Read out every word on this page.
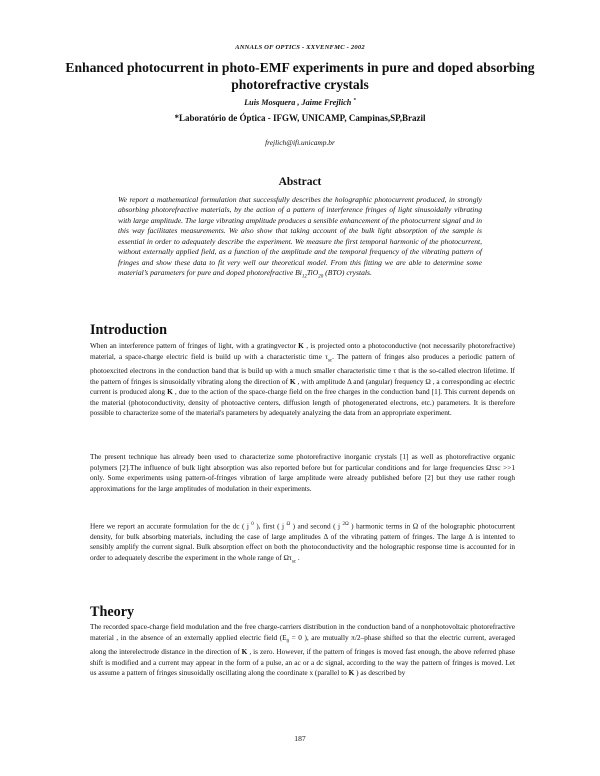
ANNALS OF OPTICS - XXVENFMC - 2002
Enhanced photocurrent in photo-EMF experiments in pure and doped absorbing photorefractive crystals
Luis Mosquera , Jaime Frejlich *
*Laboratório de Óptica - IFGW, UNICAMP, Campinas,SP,Brazil
frejlich@ifi.unicamp.br
Abstract
We report a mathematical formulation that successfully describes the holographic photocurrent produced, in strongly absorbing photorefractive materials, by the action of a pattern of interference fringes of light sinusoidally vibrating with large amplitude. The large vibrating amplitude produces a sensible enhancement of the photocurrent signal and in this way facilitates measurements. We also show that taking account of the bulk light absorption of the sample is essential in order to adequately describe the experiment. We measure the first temporal harmonic of the photocurrent, without externally applied field, as a function of the amplitude and the temporal frequency of the vibrating pattern of fringes and show these data to fit very well our theoretical model. From this fitting we are able to determine some material’s parameters for pure and doped photorefractive $Bi_{12}TiO_{20}$ (BTO) crystals.
Introduction
When an interference pattern of fringes of light, with a gratingvector K , is projected onto a photoconductive (not necessarily photorefractive) material, a space-charge electric field is build up with a characteristic time $\tau_{sc}$. The pattern of fringes also produces a periodic pattern of photoexcited electrons in the conduction band that is build up with a much smaller characteristic time τ that is the so-called electron lifetime. If the pattern of fringes is sinusoidally vibrating along the direction of K , with amplitude Δ and (angular) frequency Ω , a corresponding ac electric current is produced along K , due to the action of the space-charge field on the free charges in the conduction band [1]. This current depends on the material (photoconductivity, density of photoactive centers, diffusion length of photogenerated electrons, etc.) parameters. It is therefore possible to characterize some of the material's parameters by adequately analyzing the data from an appropriate experiment.
The present technique has already been used to characterize some photorefractive inorganic crystals [1] as well as photorefractive organic polymers [2].The influence of bulk light absorption was also reported before but for particular conditions and for large frequencies Ωτsc >>1 only. Some experiments using pattern-of-fringes vibration of large amplitude were already published before [2] but they use rather rough approximations for the large amplitudes of modulation in their experiments.
Here we report an accurate formulation for the dc ( j $^0$ ), first ( j $^\Omega$ ) and second ( j $^{2\Omega}$ ) harmonic terms in Ω of the holographic photocurrent density, for bulk absorbing materials, including the case of large amplitudes Δ of the vibrating pattern of fringes. The large Δ is intented to sensibly amplify the current signal. Bulk absorption effect on both the photoconductivity and the holographic response time is accounted for in order to adequately describe the experiment in the whole range of $\Omega\tau_{sc}$ .
Theory
The recorded space-charge field modulation and the free charge-carriers distribution in the conduction band of a nonphotovoltaic photorefractive material , in the absence of an externally applied electric field ($E_0 = 0$ ), are mutually π/2–phase shifted so that the electric current, averaged along the interelectrode distance in the direction of K , is zero. However, if the pattern of fringes is moved fast enough, the above referred phase shift is modified and a current may appear in the form of a pulse, an ac or a dc signal, according to the way the pattern of fringes is moved. Let us assume a pattern of fringes sinusoidally oscillating along the coordinate x (parallel to K ) as described by
187
